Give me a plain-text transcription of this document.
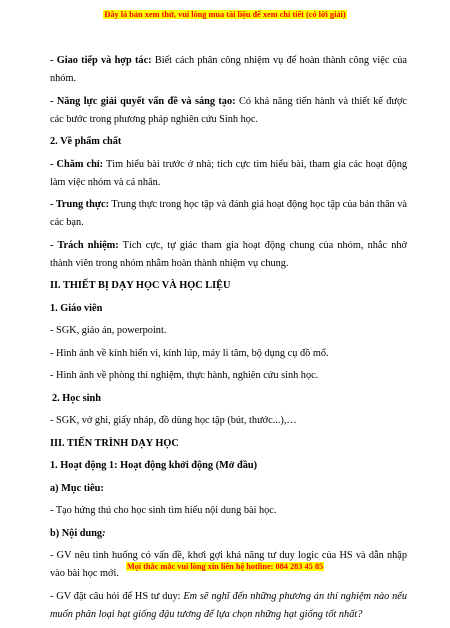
Đây là bản xem thử, vui lòng mua tài liệu để xem chi tiết (có lời giải)

- Giao tiếp và hợp tác: Biết cách phân công nhiệm vụ để hoàn thành công việc của nhóm.

- Năng lực giải quyết vấn đề và sáng tạo: Có khả năng tiến hành và thiết kế được các bước trong phương pháp nghiên cứu Sinh học.

2. Về phẩm chất

- Chăm chỉ: Tìm hiểu bài trước ở nhà; tích cực tìm hiểu bài, tham gia các hoạt động làm việc nhóm và cá nhân.

- Trung thực: Trung thực trong học tập và đánh giá hoạt động học tập của bản thân và các bạn.

- Trách nhiệm: Tích cực, tự giác tham gia hoạt động chung của nhóm, nhắc nhở thành viên trong nhóm nhằm hoàn thành nhiệm vụ chung.

II. THIẾT BỊ DẠY HỌC VÀ HỌC LIỆU

1. Giáo viên

- SGK, giáo án, powerpoint.

- Hình ảnh về kính hiển vi, kính lúp, máy li tâm, bộ dụng cụ đồ mổ.

- Hình ảnh về phòng thí nghiệm, thực hành, nghiên cứu sinh học.

2. Học sinh

- SGK, vở ghi, giấy nháp, đồ dùng học tập (bút, thước...),…

III. TIẾN TRÌNH DẠY HỌC

1. Hoạt động 1: Hoạt động khởi động (Mở đầu)

a) Mục tiêu:

- Tạo hứng thú cho học sinh tìm hiểu nội dung bài học.

b) Nội dung:

- GV nêu tình huống có vấn đề, khơi gợi khả năng tư duy logic của HS và dẫn nhập vào bài học mới.

- GV đặt câu hỏi để HS tư duy: Em sẽ nghĩ đến những phương án thí nghiệm nào nếu muốn phân loại hạt giống đậu tương để lựa chọn những hạt giống tốt nhất?

Mọi thắc mắc vui lòng xin liên hệ hotline: 084 283 45 85
